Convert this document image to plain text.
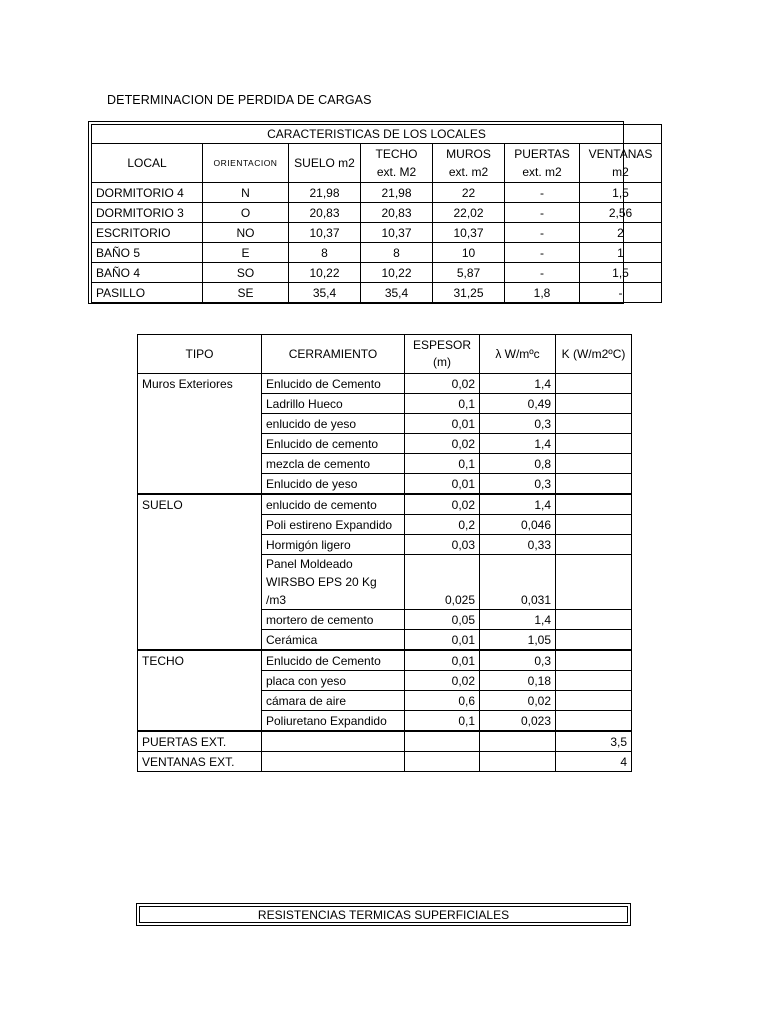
DETERMINACION DE PERDIDA DE CARGAS
CARACTERISTICAS DE LOS LOCALES						
LOCAL	ORIENTACION	SUELO m2	TECHO ext. M2	MUROS ext. m2	PUERTAS ext. m2	VENTANAS m2
DORMITORIO 4	N	21,98	21,98	22	-	1,5
DORMITORIO 3	O	20,83	20,83	22,02	-	2,56
ESCRITORIO	NO	10,37	10,37	10,37	-	2
BAÑO 5	E	8	8	10	-	1
BAÑO 4	SO	10,22	10,22	5,87	-	1,5
PASILLO	SE	35,4	35,4	31,25	1,8	-
TIPO	CERRAMIENTO	ESPESOR (m)	λ W/mºc	K (W/m2ºC)
Muros Exteriores	Enlucido de Cemento	0,02	1,4	
	Ladrillo Hueco	0,1	0,49	
	enlucido de yeso	0,01	0,3	
	Enlucido de cemento	0,02	1,4	
	mezcla de cemento	0,1	0,8	
	Enlucido de yeso	0,01	0,3	
SUELO	enlucido de cemento	0,02	1,4	
	Poli estireno Expandido	0,2	0,046	
	Hormigón ligero	0,03	0,33	
	Panel Moldeado WIRSBO EPS 20 Kg /m3	0,025	0,031	
	mortero de cemento	0,05	1,4	
	Cerámica	0,01	1,05	
TECHO	Enlucido de Cemento	0,01	0,3	
	placa con yeso	0,02	0,18	
	cámara de aire	0,6	0,02	
	Poliuretano Expandido	0,1	0,023	
PUERTAS EXT.				3,5
VENTANAS EXT.				4
RESISTENCIAS TERMICAS SUPERFICIALES
